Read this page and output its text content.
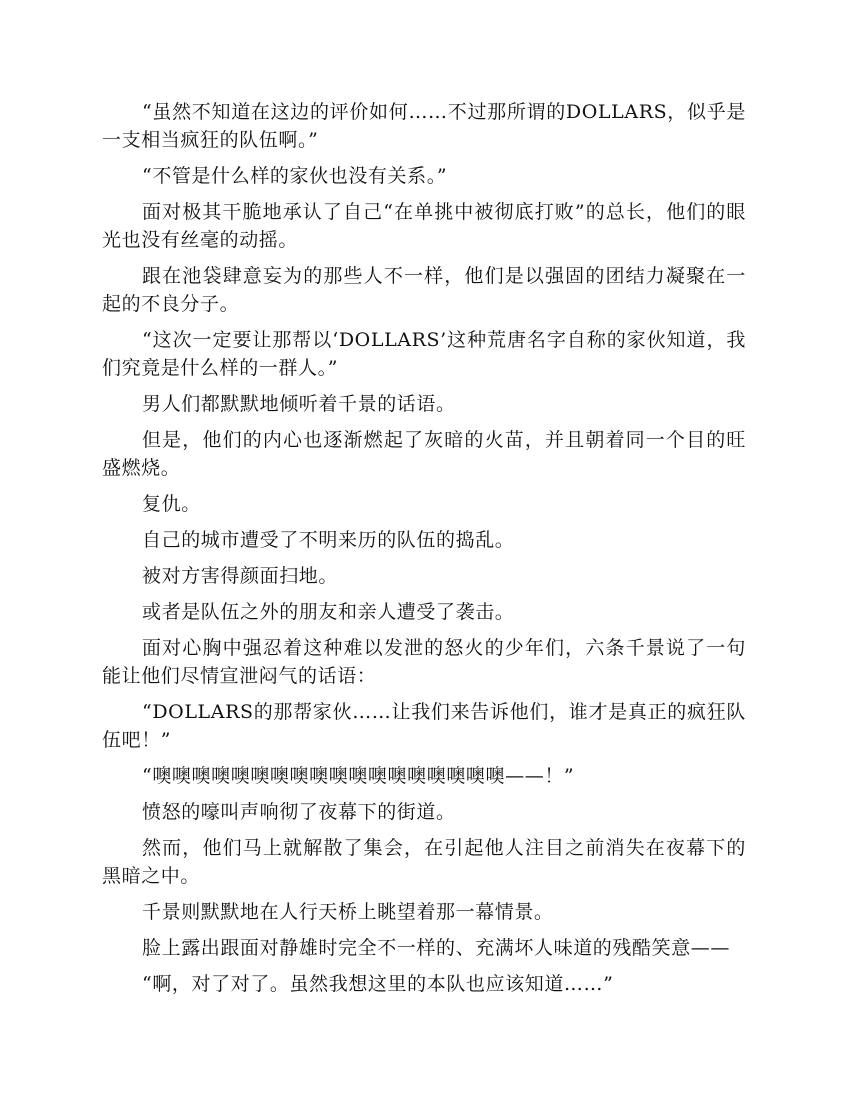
“虽然不知道在这边的评价如何……不过那所谓的DOLLARS，似乎是一支相当疯狂的队伍啊。”

“不管是什么样的家伙也没有关系。”

面对极其干脆地承认了自己“在单挑中被彻底打败”的总长，他们的眼光也没有丝毫的动摇。

跟在池袋肆意妄为的那些人不一样，他们是以强固的团结力凝聚在一起的不良分子。

“这次一定要让那帮以‘DOLLARS’这种荒唐名字自称的家伙知道，我们究竟是什么样的一群人。”

男人们都默默地倾听着千景的话语。

但是，他们的内心也逐渐燃起了灰暗的火苗，并且朝着同一个目的旺盛燃烧。

复仇。

自己的城市遭受了不明来历的队伍的捣乱。

被对方害得颜面扫地。

或者是队伍之外的朋友和亲人遭受了袭击。

面对心胸中强忍着这种难以发泄的怒火的少年们，六条千景说了一句能让他们尽情宣泄闷气的话语：

“DOLLARS的那帮家伙……让我们来告诉他们，谁才是真正的疯狂队伍吧！”

“噢噢噢噢噢噢噢噢噢噢噢噢噢噢噢噢噢噢——！”

愤怒的嚎叫声响彻了夜幕下的街道。

然而，他们马上就解散了集会，在引起他人注目之前消失在夜幕下的黑暗之中。

千景则默默地在人行天桥上眺望着那一幕情景。

脸上露出跟面对静雄时完全不一样的、充满坏人味道的残酷笑意——

“啊，对了对了。虽然我想这里的本队也应该知道……”
